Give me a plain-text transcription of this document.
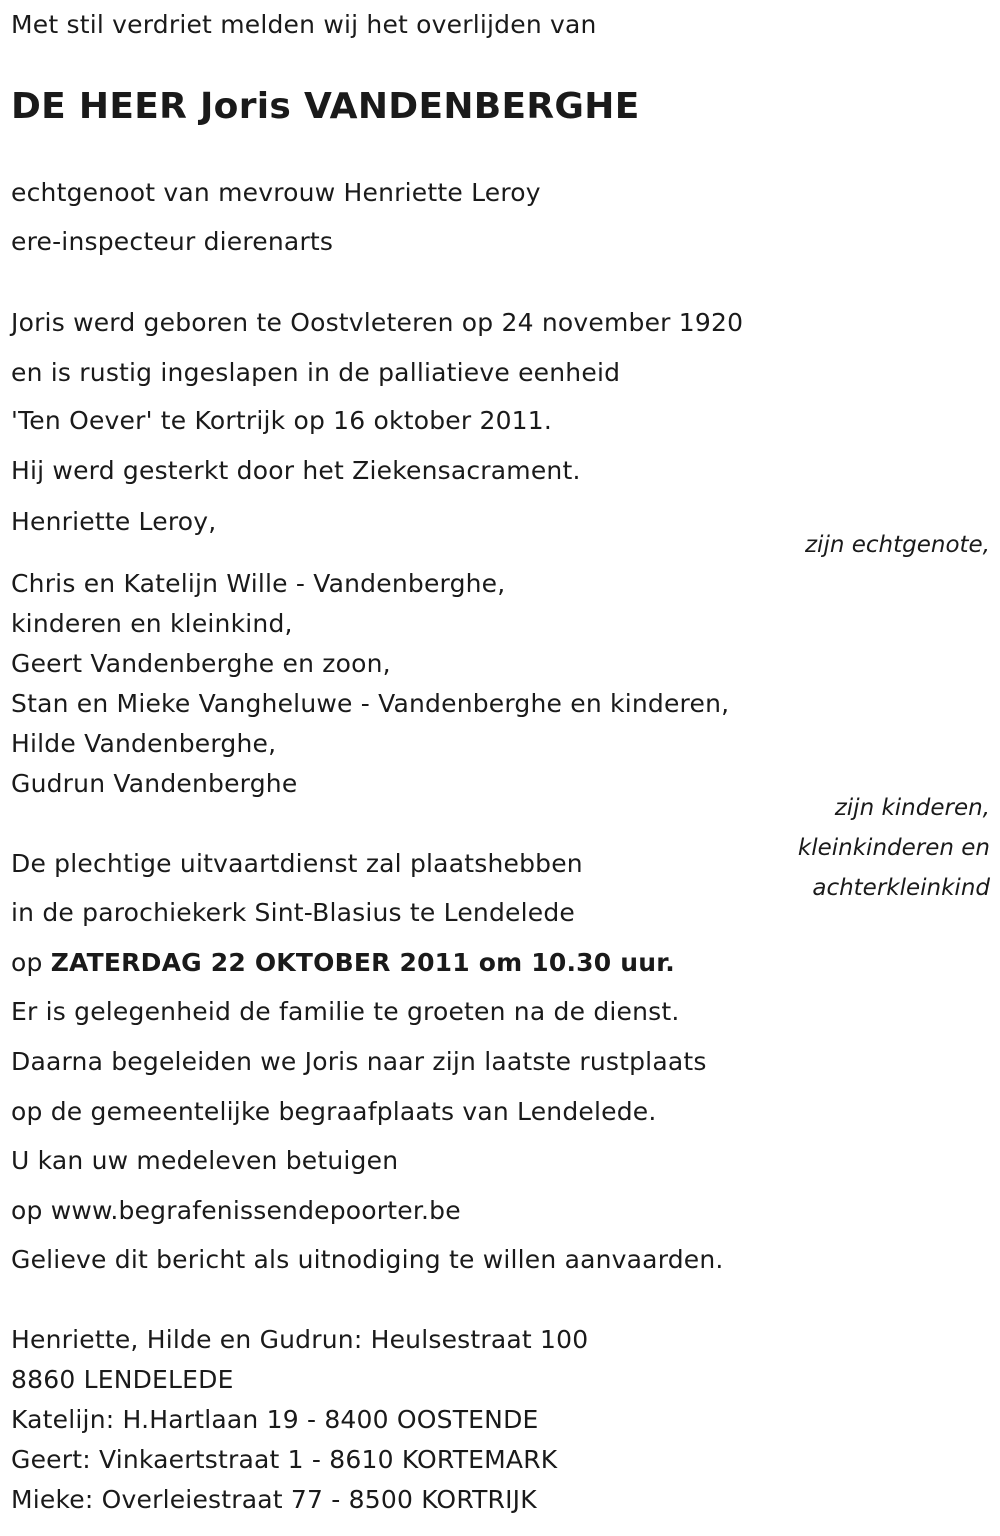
Met stil verdriet melden wij het overlijden van
DE HEER Joris VANDENBERGHE
echtgenoot van mevrouw Henriette Leroy
ere-inspecteur dierenarts
Joris werd geboren te Oostvleteren op 24 november 1920
en is rustig ingeslapen in de palliatieve eenheid
'Ten Oever' te Kortrijk op 16 oktober 2011.
Hij werd gesterkt door het Ziekensacrament.
Henriette Leroy,
zijn echtgenote,
Chris en Katelijn Wille - Vandenberghe,
kinderen en kleinkind,
Geert Vandenberghe en zoon,
Stan en Mieke Vangheluwe - Vandenberghe en kinderen,
Hilde Vandenberghe,
Gudrun Vandenberghe
zijn kinderen,
kleinkinderen en
achterkleinkind
De plechtige uitvaartdienst zal plaatshebben
in de parochiekerk Sint-Blasius te Lendelede
op ZATERDAG 22 OKTOBER 2011 om 10.30 uur.
Er is gelegenheid de familie te groeten na de dienst.
Daarna begeleiden we Joris naar zijn laatste rustplaats
op de gemeentelijke begraafplaats van Lendelede.
U kan uw medeleven betuigen
op www.begrafenissendepoorter.be
Gelieve dit bericht als uitnodiging te willen aanvaarden.
Henriette, Hilde en Gudrun: Heulsestraat 100
8860 LENDELEDE
Katelijn: H.Hartlaan 19 - 8400 OOSTENDE
Geert: Vinkaertstraat 1 - 8610 KORTEMARK
Mieke: Overleiestraat 77 - 8500 KORTRIJK
